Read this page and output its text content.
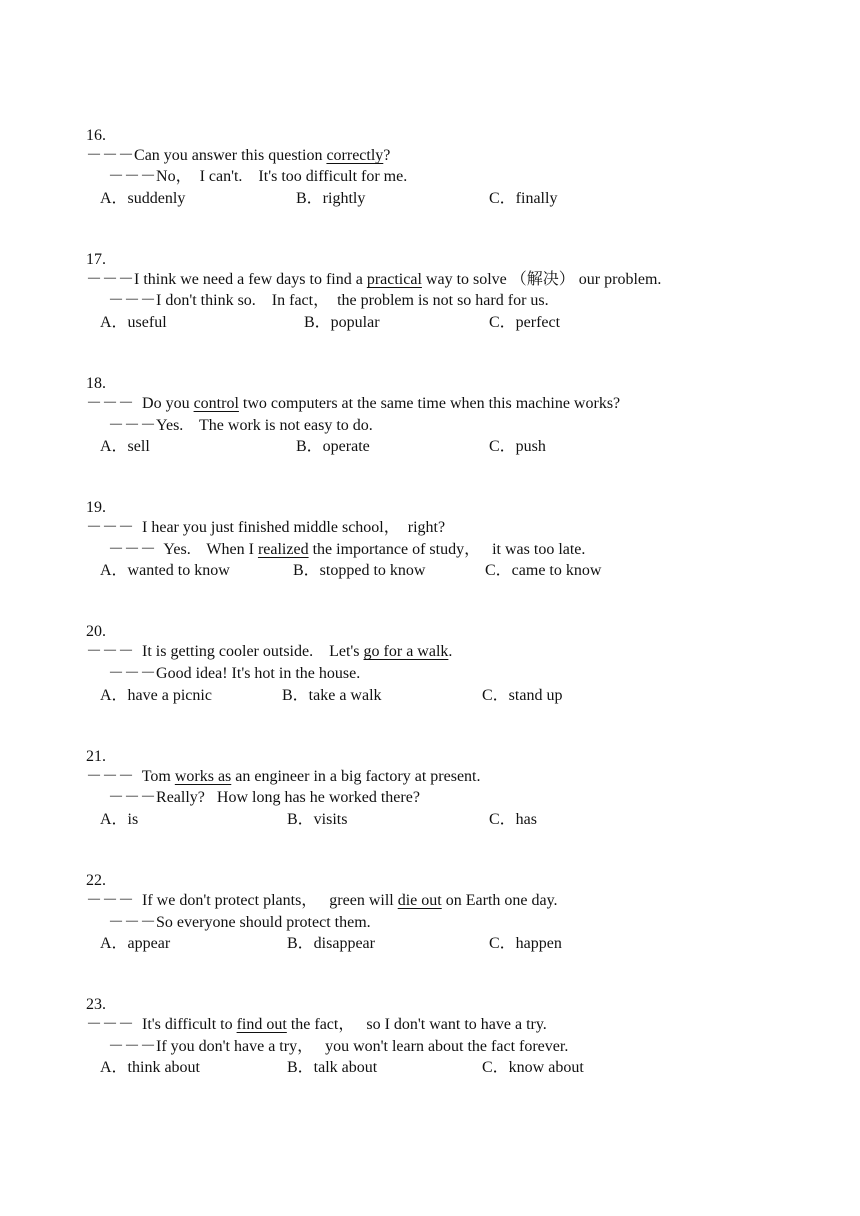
16.
－－－Can you answer this question correctly?

－－－No，  I can't.    It's too difficult for me.

A．suddenly	B．rightly	C．finally

17.
－－－I think we need a few days to find a practical way to solve （解决） our problem.

－－－I don't think so.    In fact，  the problem is not so hard for us.

A．useful	B．popular	C．perfect

18.
－－－  Do you control two computers at the same time when this machine works?

－－－Yes.    The work is not easy to do.

A．sell	B．operate	C．push

19.
－－－  I hear you just finished middle school，  right?

－－－  Yes.    When I realized the importance of study，   it was too late.

A．wanted to know	B．stopped to know	C．came to know

20.
－－－  It is getting cooler outside.    Let's go for a walk.

－－－Good idea! It's hot in the house.

A．have a picnic	B．take a walk	C．stand up

21.
－－－  Tom works as an engineer in a big factory at present.

－－－Really?   How long has he worked there?

A．is	B．visits	C．has

22.
－－－  If we don't protect plants，   green will die out on Earth one day.

－－－So everyone should protect them.

A．appear	B．disappear	C．happen

23.
－－－  It's difficult to find out the fact，   so I don't want to have a try.

－－－If you don't have a try，   you won't learn about the fact forever.

A．think about	B．talk about	C．know about
